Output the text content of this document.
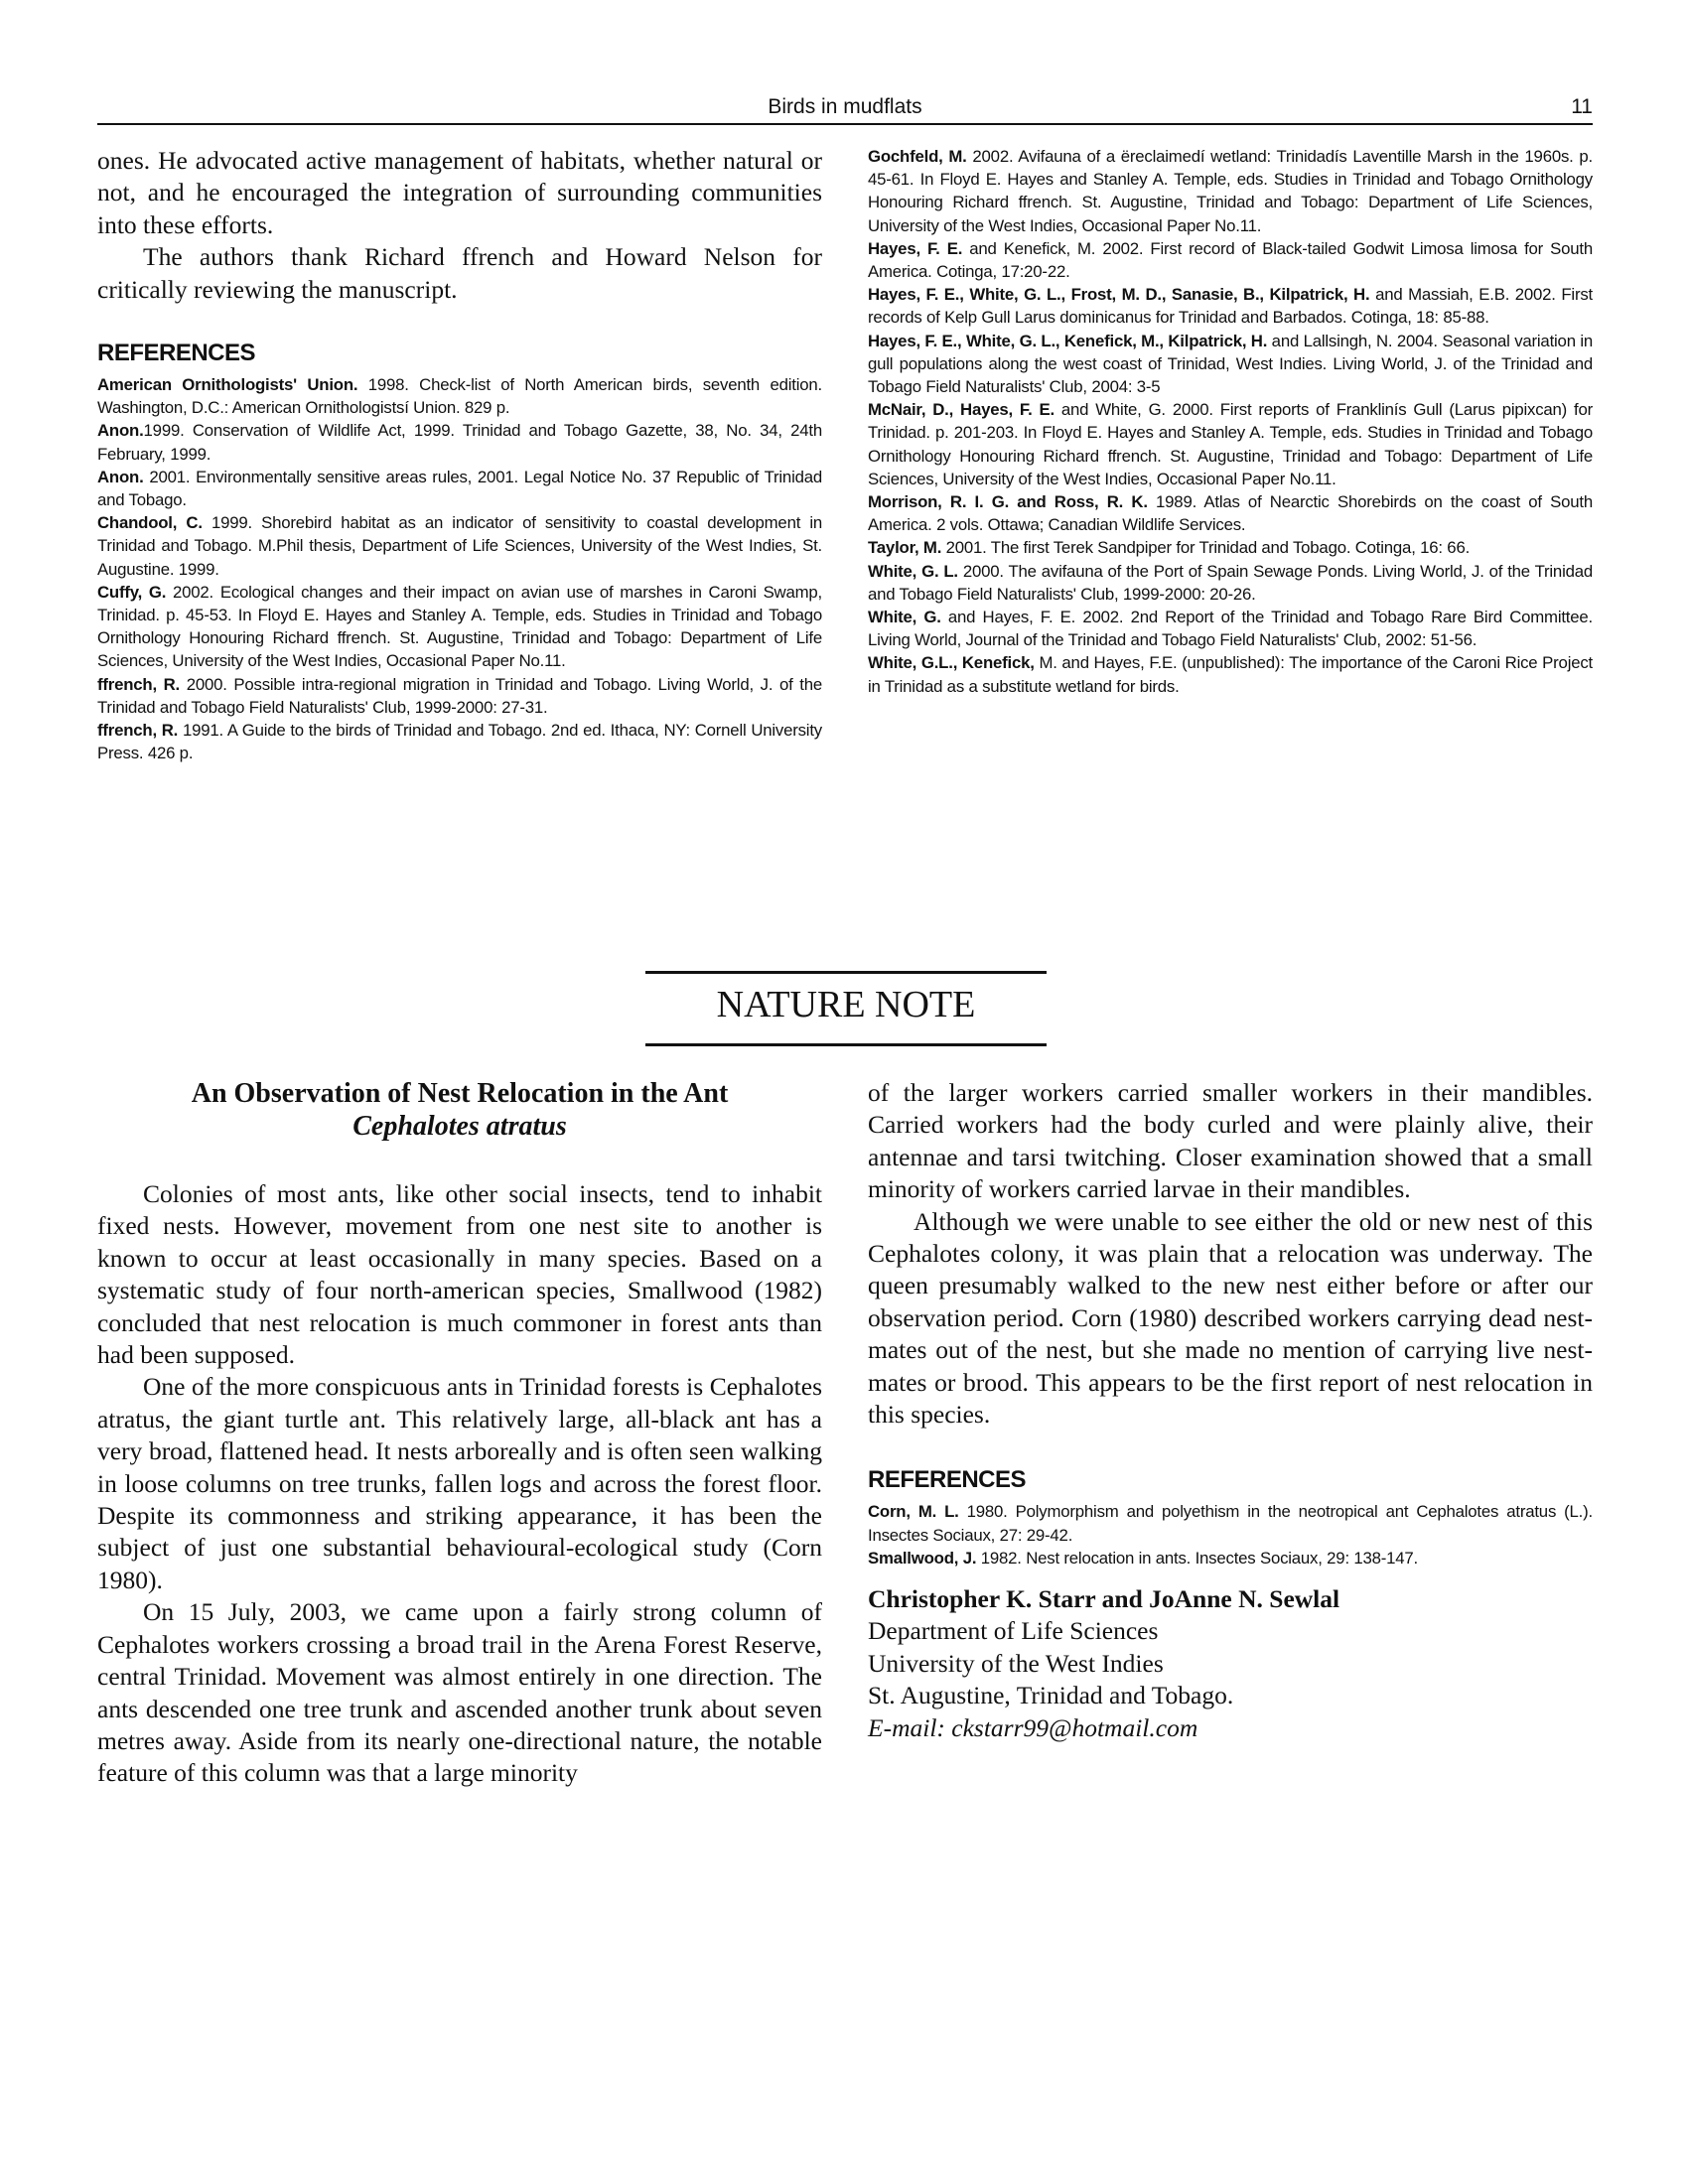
Birds in mudflats	11

ones. He advocated active management of habitats, whether natural or not, and he encouraged the integration of surrounding communities into these efforts.

The authors thank Richard ffrench and Howard Nelson for critically reviewing the manuscript.

REFERENCES

American Ornithologists' Union. 1998. Check-list of North American birds, seventh edition. Washington, D.C.: American Ornithologistsí Union. 829 p.

Anon.1999. Conservation of Wildlife Act, 1999. Trinidad and Tobago Gazette, 38, No. 34, 24th February, 1999.

Anon. 2001. Environmentally sensitive areas rules, 2001. Legal Notice No. 37 Republic of Trinidad and Tobago.

Chandool, C. 1999. Shorebird habitat as an indicator of sensitivity to coastal development in Trinidad and Tobago. M.Phil thesis, Department of Life Sciences, University of the West Indies, St. Augustine. 1999.

Cuffy, G. 2002. Ecological changes and their impact on avian use of marshes in Caroni Swamp, Trinidad. p. 45-53. In Floyd E. Hayes and Stanley A. Temple, eds. Studies in Trinidad and Tobago Ornithology Honouring Richard ffrench. St. Augustine, Trinidad and Tobago: Department of Life Sciences, University of the West Indies, Occasional Paper No.11.

ffrench, R. 2000. Possible intra-regional migration in Trinidad and Tobago. Living World, J. of the Trinidad and Tobago Field Naturalists' Club, 1999-2000: 27-31.

ffrench, R. 1991. A Guide to the birds of Trinidad and Tobago. 2nd ed. Ithaca, NY: Cornell University Press. 426 p.

Gochfeld, M. 2002. Avifauna of a ëreclaimedí wetland: Trinidadís Laventille Marsh in the 1960s. p. 45-61. In Floyd E. Hayes and Stanley A. Temple, eds. Studies in Trinidad and Tobago Ornithology Honouring Richard ffrench. St. Augustine, Trinidad and Tobago: Department of Life Sciences, University of the West Indies, Occasional Paper No.11.

Hayes, F. E. and Kenefick, M. 2002. First record of Black-tailed Godwit Limosa limosa for South America. Cotinga, 17:20-22.

Hayes, F. E., White, G. L., Frost, M. D., Sanasie, B., Kilpatrick, H. and Massiah, E.B. 2002. First records of Kelp Gull Larus dominicanus for Trinidad and Barbados. Cotinga, 18: 85-88.

Hayes, F. E., White, G. L., Kenefick, M., Kilpatrick, H. and Lallsingh, N. 2004. Seasonal variation in gull populations along the west coast of Trinidad, West Indies. Living World, J. of the Trinidad and Tobago Field Naturalists' Club, 2004: 3-5

McNair, D., Hayes, F. E. and White, G. 2000. First reports of Franklinís Gull (Larus pipixcan) for Trinidad. p. 201-203. In Floyd E. Hayes and Stanley A. Temple, eds. Studies in Trinidad and Tobago Ornithology Honouring Richard ffrench. St. Augustine, Trinidad and Tobago: Department of Life Sciences, University of the West Indies, Occasional Paper No.11.

Morrison, R. I. G. and Ross, R. K. 1989. Atlas of Nearctic Shorebirds on the coast of South America. 2 vols. Ottawa; Canadian Wildlife Services.

Taylor, M. 2001. The first Terek Sandpiper for Trinidad and Tobago. Cotinga, 16: 66.

White, G. L. 2000. The avifauna of the Port of Spain Sewage Ponds. Living World, J. of the Trinidad and Tobago Field Naturalists' Club, 1999-2000: 20-26.

White, G. and Hayes, F. E. 2002. 2nd Report of the Trinidad and Tobago Rare Bird Committee. Living World, Journal of the Trinidad and Tobago Field Naturalists' Club, 2002: 51-56.

White, G.L., Kenefick, M. and Hayes, F.E. (unpublished): The importance of the Caroni Rice Project in Trinidad as a substitute wetland for birds.

NATURE NOTE
An Observation of Nest Relocation in the Ant
Cephalotes atratus

Colonies of most ants, like other social insects, tend to inhabit fixed nests. However, movement from one nest site to another is known to occur at least occasionally in many species. Based on a systematic study of four north-american species, Smallwood (1982) concluded that nest relocation is much commoner in forest ants than had been supposed.

One of the more conspicuous ants in Trinidad forests is Cephalotes atratus, the giant turtle ant. This relatively large, all-black ant has a very broad, flattened head. It nests arboreally and is often seen walking in loose columns on tree trunks, fallen logs and across the forest floor. Despite its commonness and striking appearance, it has been the subject of just one substantial behavioural-ecological study (Corn 1980).

On 15 July, 2003, we came upon a fairly strong column of Cephalotes workers crossing a broad trail in the Arena Forest Reserve, central Trinidad. Movement was almost entirely in one direction. The ants descended one tree trunk and ascended another trunk about seven metres away. Aside from its nearly one-directional nature, the notable feature of this column was that a large minority

of the larger workers carried smaller workers in their mandibles. Carried workers had the body curled and were plainly alive, their antennae and tarsi twitching. Closer examination showed that a small minority of workers carried larvae in their mandibles.

Although we were unable to see either the old or new nest of this Cephalotes colony, it was plain that a relocation was underway. The queen presumably walked to the new nest either before or after our observation period. Corn (1980) described workers carrying dead nest-mates out of the nest, but she made no mention of carrying live nest-mates or brood. This appears to be the first report of nest relocation in this species.

REFERENCES

Corn, M. L. 1980. Polymorphism and polyethism in the neotropical ant Cephalotes atratus (L.). Insectes Sociaux, 27: 29-42.

Smallwood, J. 1982. Nest relocation in ants. Insectes Sociaux, 29: 138-147.

Christopher K. Starr and JoAnne N. Sewlal
Department of Life Sciences
University of the West Indies
St. Augustine, Trinidad and Tobago.
E-mail: ckstarr99@hotmail.com
